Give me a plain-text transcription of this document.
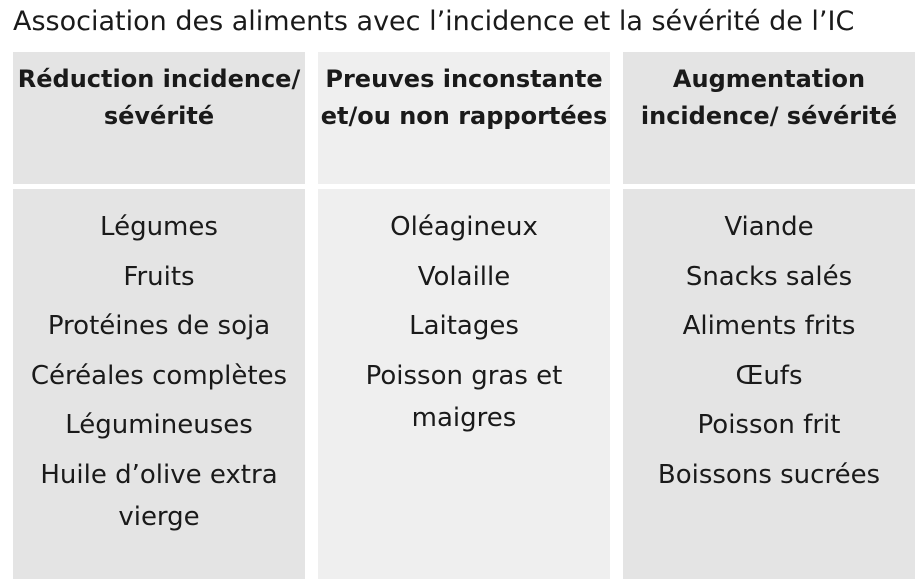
Association des aliments avec l’incidence et la sévérité de l’IC
Réduction incidence/ sévérité
Preuves inconstante et/ou non rapportées
Augmentation incidence/ sévérité
Légumes
Fruits
Protéines de soja
Céréales complètes
Légumineuses
Huile d’olive extra vierge
Oléagineux
Volaille
Laitages
Poisson gras et maigres
Viande
Snacks salés
Aliments frits
Œufs
Poisson frit
Boissons sucrées
